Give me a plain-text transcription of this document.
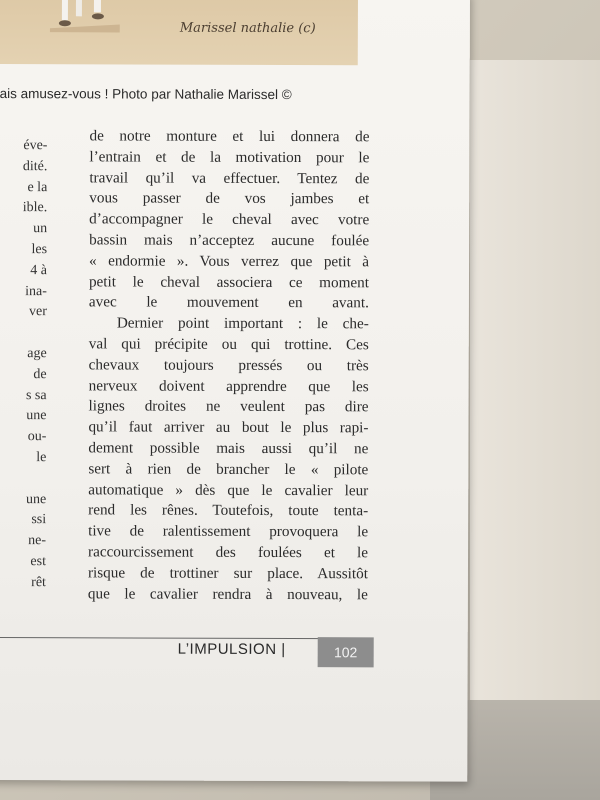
Marissel nathalie (c)
ais amusez-vous ! Photo par Nathalie Marissel ©
éve-
dité.
e la
ible.
un
les
4 à
ina-
ver
age
de
s sa
une
ou-
le
une
ssi
ne-
est
rêt
de notre monture et lui donnera de
l’entrain et de la motivation pour le
travail qu’il va effectuer. Tentez de
vous passer de vos jambes et
d’accompagner le cheval avec votre
bassin mais n’acceptez aucune foulée
« endormie ». Vous verrez que petit à
petit le cheval associera ce moment
avec le mouvement en avant.
Dernier point important : le che-
val qui précipite ou qui trottine. Ces
chevaux toujours pressés ou très
nerveux doivent apprendre que les
lignes droites ne veulent pas dire
qu’il faut arriver au bout le plus rapi-
dement possible mais aussi qu’il ne
sert à rien de brancher le « pilote
automatique » dès que le cavalier leur
rend les rênes. Toutefois, toute tenta-
tive de ralentissement provoquera le
raccourcissement des foulées et le
risque de trottiner sur place. Aussitôt
que le cavalier rendra à nouveau, le
L’IMPULSION |	102
